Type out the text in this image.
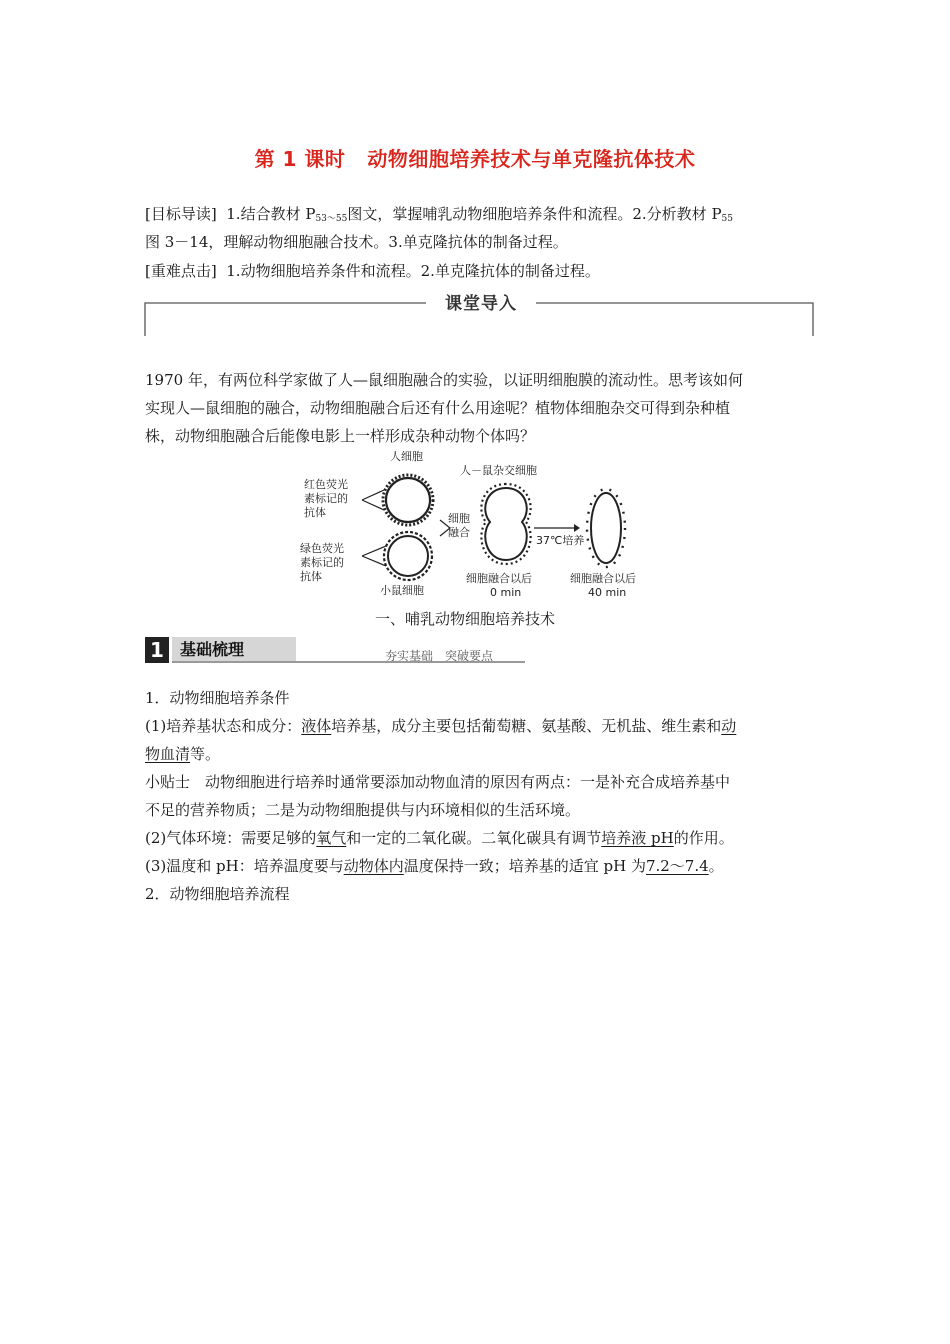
第 1 课时 动物细胞培养技术与单克隆抗体技术
[目标导读] 1.结合教材 $P_{53\sim 55}$图文，掌握哺乳动物细胞培养条件和流程。2.分析教材 $P_{55}$
图 3－14，理解动物细胞融合技术。3.单克隆抗体的制备过程。
[重难点击] 1.动物细胞培养条件和流程。2.单克隆抗体的制备过程。
课堂导入
1970 年，有两位科学家做了人—鼠细胞融合的实验，以证明细胞膜的流动性。思考该如何
实现人—鼠细胞的融合，动物细胞融合后还有什么用途呢？植物体细胞杂交可得到杂种植
株，动物细胞融合后能像电影上一样形成杂种动物个体吗？
人细胞
人－鼠杂交细胞
红色荧光
素标记的
抗体	细胞
融合
37℃培养
绿色荧光
素标记的
抗体
小鼠细胞
细胞融合以后
0 min
细胞融合以后
40 min
一、哺乳动物细胞培养技术
1	基础梳理	夯实基础　突破要点
1．动物细胞培养条件
(1)培养基状态和成分：液体培养基，成分主要包括葡萄糖、氨基酸、无机盐、维生素和动
物血清等。
小贴士　动物细胞进行培养时通常要添加动物血清的原因有两点：一是补充合成培养基中
不足的营养物质；二是为动物细胞提供与内环境相似的生活环境。
(2)气体环境：需要足够的氧气和一定的二氧化碳。二氧化碳具有调节培养液 pH的作用。
(3)温度和 pH：培养温度要与动物体内温度保持一致；培养基的适宜 pH 为7.2～7.4。
2．动物细胞培养流程
